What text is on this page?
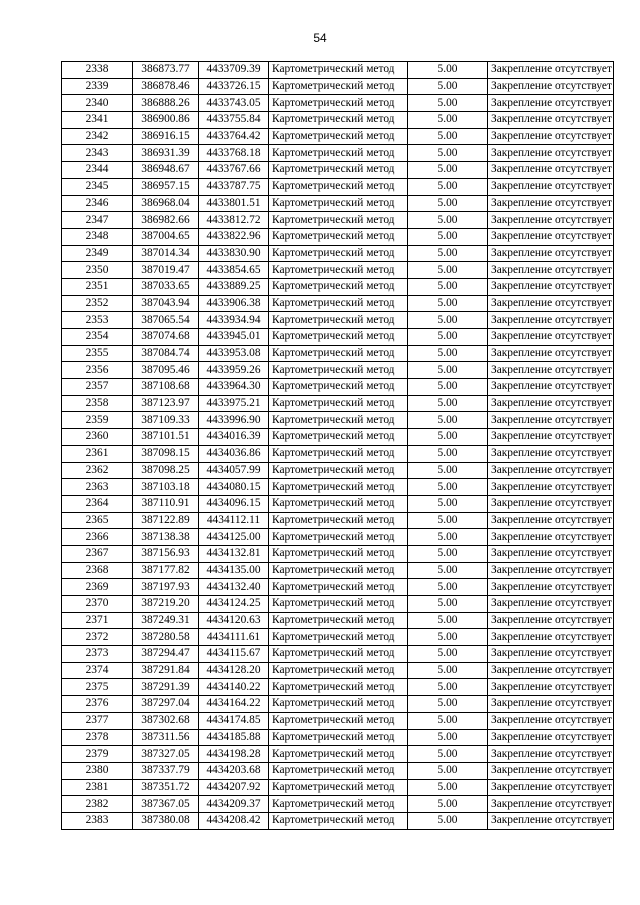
54
2338	386873.77	4433709.39	Картометрический метод	5.00	Закрепление отсутствует
2339	386878.46	4433726.15	Картометрический метод	5.00	Закрепление отсутствует
2340	386888.26	4433743.05	Картометрический метод	5.00	Закрепление отсутствует
2341	386900.86	4433755.84	Картометрический метод	5.00	Закрепление отсутствует
2342	386916.15	4433764.42	Картометрический метод	5.00	Закрепление отсутствует
2343	386931.39	4433768.18	Картометрический метод	5.00	Закрепление отсутствует
2344	386948.67	4433767.66	Картометрический метод	5.00	Закрепление отсутствует
2345	386957.15	4433787.75	Картометрический метод	5.00	Закрепление отсутствует
2346	386968.04	4433801.51	Картометрический метод	5.00	Закрепление отсутствует
2347	386982.66	4433812.72	Картометрический метод	5.00	Закрепление отсутствует
2348	387004.65	4433822.96	Картометрический метод	5.00	Закрепление отсутствует
2349	387014.34	4433830.90	Картометрический метод	5.00	Закрепление отсутствует
2350	387019.47	4433854.65	Картометрический метод	5.00	Закрепление отсутствует
2351	387033.65	4433889.25	Картометрический метод	5.00	Закрепление отсутствует
2352	387043.94	4433906.38	Картометрический метод	5.00	Закрепление отсутствует
2353	387065.54	4433934.94	Картометрический метод	5.00	Закрепление отсутствует
2354	387074.68	4433945.01	Картометрический метод	5.00	Закрепление отсутствует
2355	387084.74	4433953.08	Картометрический метод	5.00	Закрепление отсутствует
2356	387095.46	4433959.26	Картометрический метод	5.00	Закрепление отсутствует
2357	387108.68	4433964.30	Картометрический метод	5.00	Закрепление отсутствует
2358	387123.97	4433975.21	Картометрический метод	5.00	Закрепление отсутствует
2359	387109.33	4433996.90	Картометрический метод	5.00	Закрепление отсутствует
2360	387101.51	4434016.39	Картометрический метод	5.00	Закрепление отсутствует
2361	387098.15	4434036.86	Картометрический метод	5.00	Закрепление отсутствует
2362	387098.25	4434057.99	Картометрический метод	5.00	Закрепление отсутствует
2363	387103.18	4434080.15	Картометрический метод	5.00	Закрепление отсутствует
2364	387110.91	4434096.15	Картометрический метод	5.00	Закрепление отсутствует
2365	387122.89	4434112.11	Картометрический метод	5.00	Закрепление отсутствует
2366	387138.38	4434125.00	Картометрический метод	5.00	Закрепление отсутствует
2367	387156.93	4434132.81	Картометрический метод	5.00	Закрепление отсутствует
2368	387177.82	4434135.00	Картометрический метод	5.00	Закрепление отсутствует
2369	387197.93	4434132.40	Картометрический метод	5.00	Закрепление отсутствует
2370	387219.20	4434124.25	Картометрический метод	5.00	Закрепление отсутствует
2371	387249.31	4434120.63	Картометрический метод	5.00	Закрепление отсутствует
2372	387280.58	4434111.61	Картометрический метод	5.00	Закрепление отсутствует
2373	387294.47	4434115.67	Картометрический метод	5.00	Закрепление отсутствует
2374	387291.84	4434128.20	Картометрический метод	5.00	Закрепление отсутствует
2375	387291.39	4434140.22	Картометрический метод	5.00	Закрепление отсутствует
2376	387297.04	4434164.22	Картометрический метод	5.00	Закрепление отсутствует
2377	387302.68	4434174.85	Картометрический метод	5.00	Закрепление отсутствует
2378	387311.56	4434185.88	Картометрический метод	5.00	Закрепление отсутствует
2379	387327.05	4434198.28	Картометрический метод	5.00	Закрепление отсутствует
2380	387337.79	4434203.68	Картометрический метод	5.00	Закрепление отсутствует
2381	387351.72	4434207.92	Картометрический метод	5.00	Закрепление отсутствует
2382	387367.05	4434209.37	Картометрический метод	5.00	Закрепление отсутствует
2383	387380.08	4434208.42	Картометрический метод	5.00	Закрепление отсутствует
